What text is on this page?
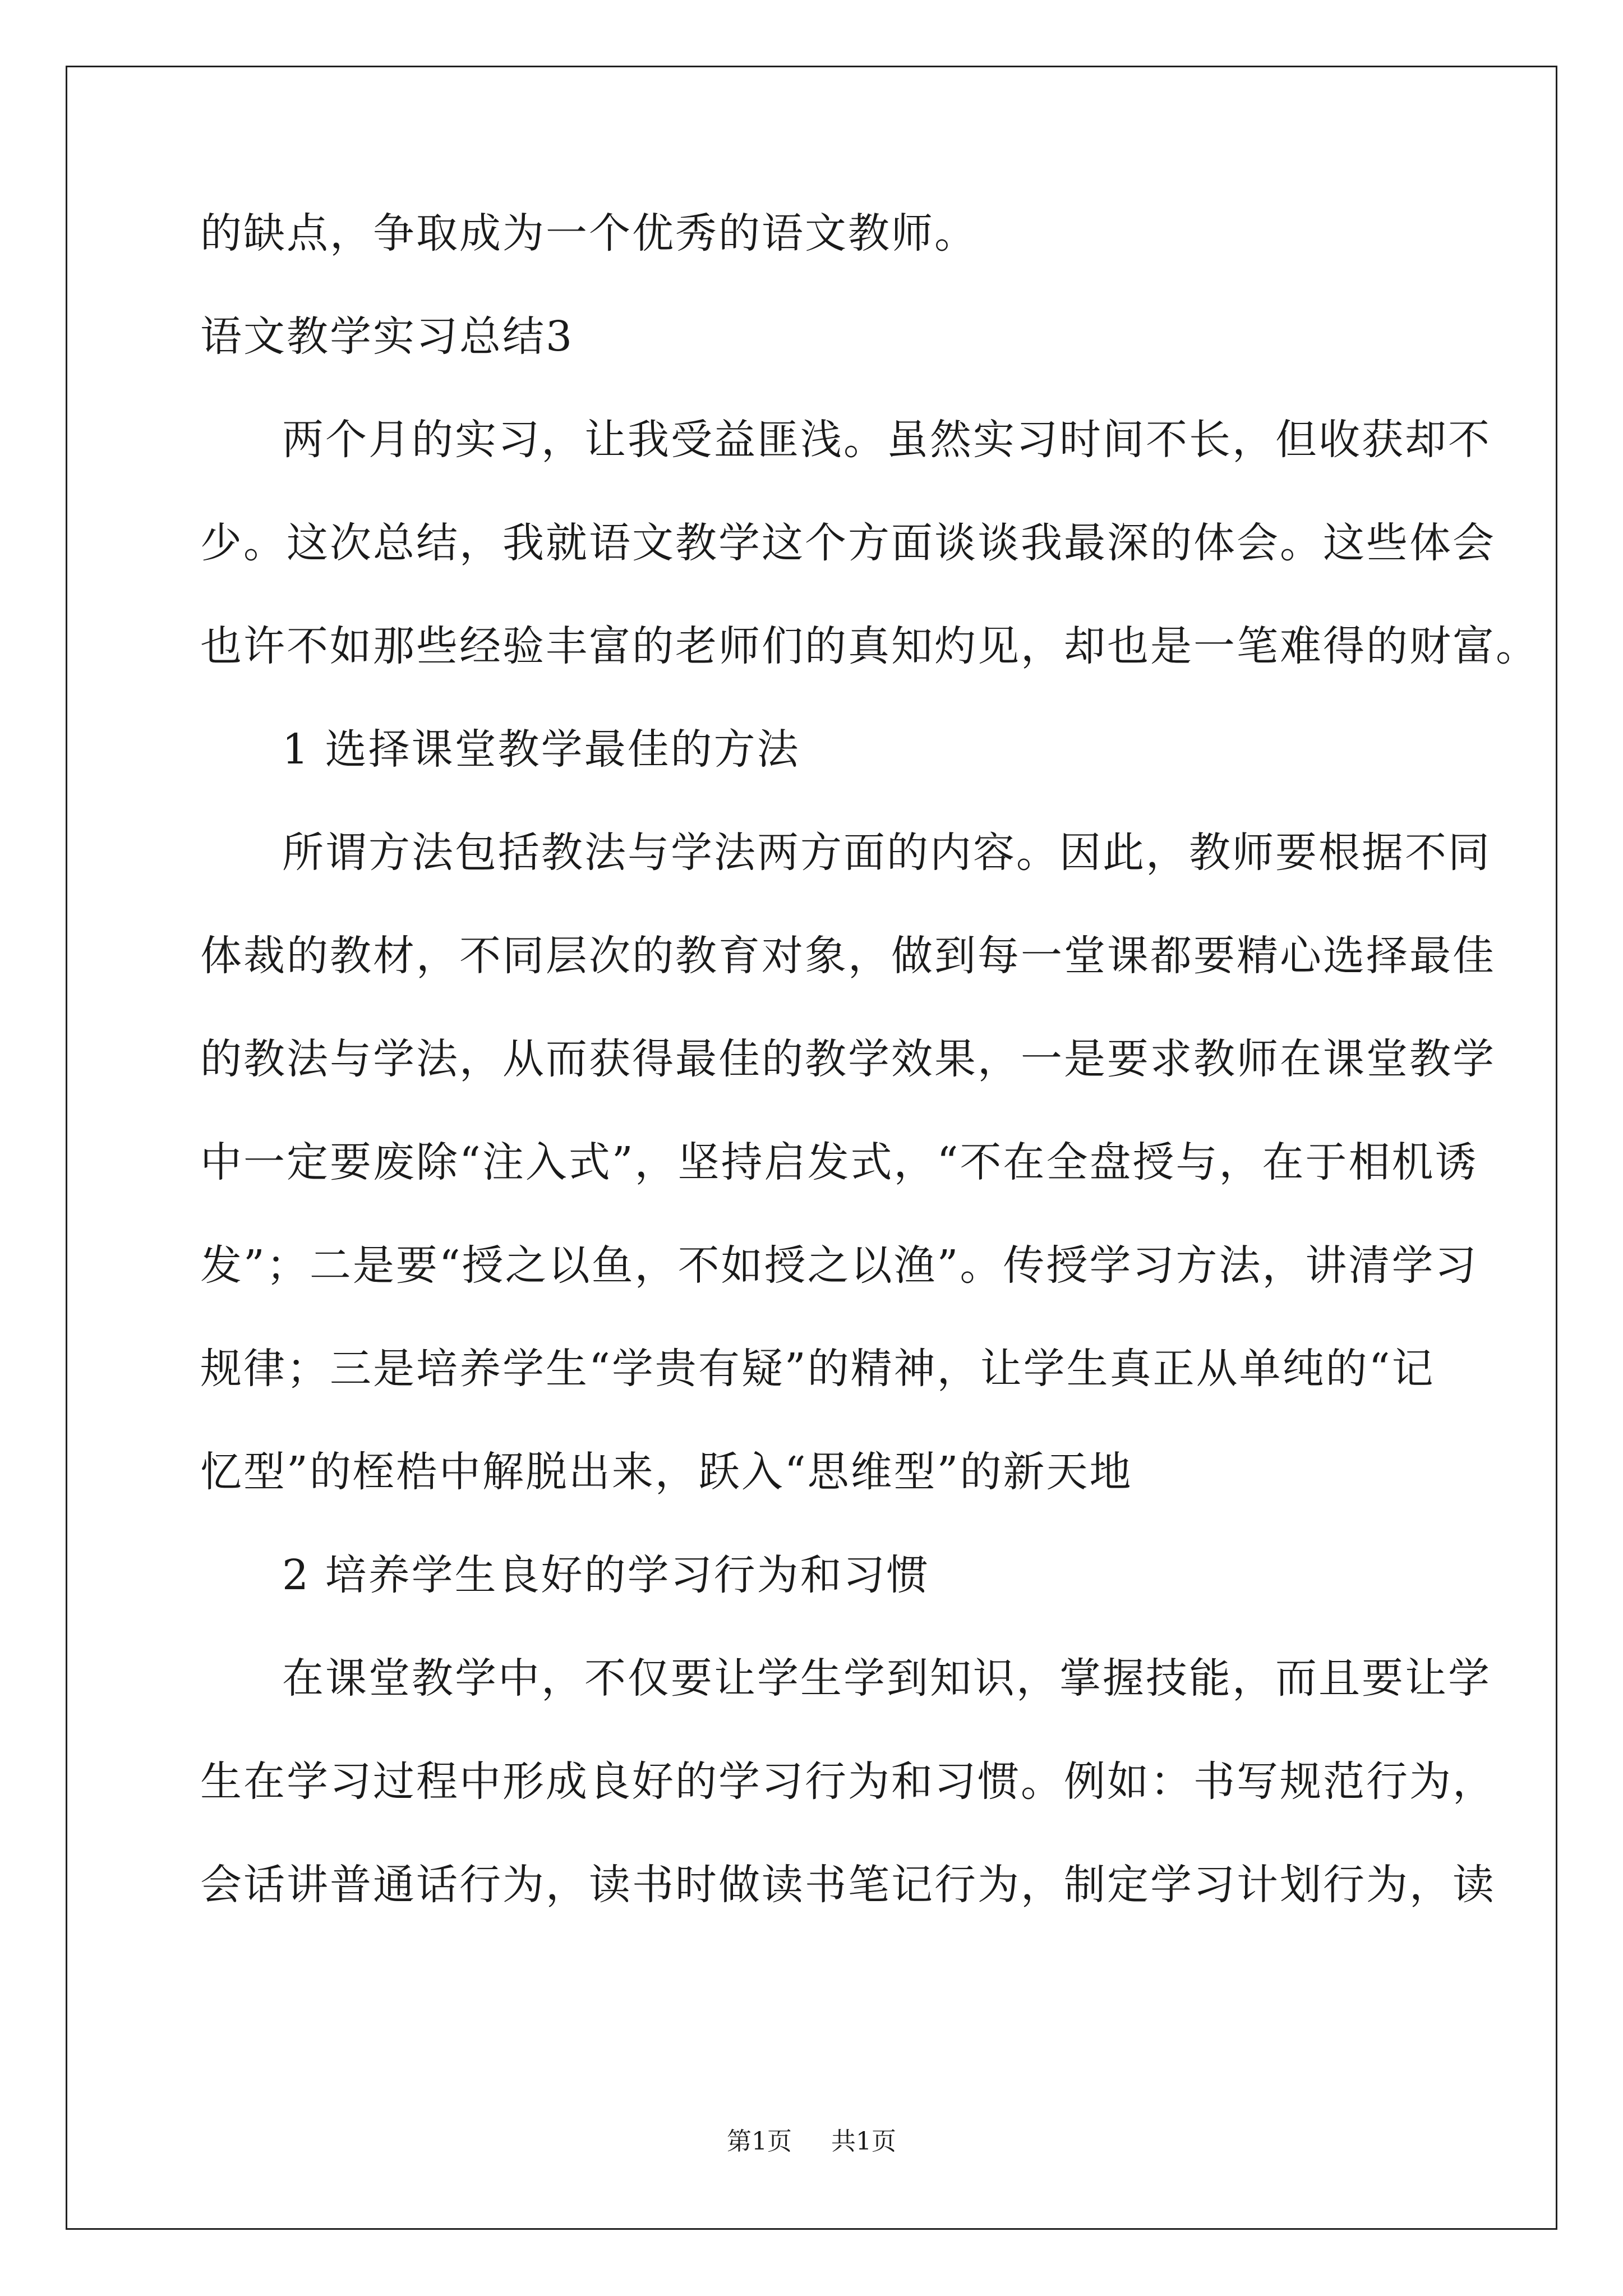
的缺点，争取成为一个优秀的语文教师。
语文教学实习总结3
两个月的实习，让我受益匪浅。虽然实习时间不长，但收获却不
少。这次总结，我就语文教学这个方面谈谈我最深的体会。这些体会
也许不如那些经验丰富的老师们的真知灼见，却也是一笔难得的财富。
1 选择课堂教学最佳的方法
所谓方法包括教法与学法两方面的内容。因此，教师要根据不同
体裁的教材，不同层次的教育对象，做到每一堂课都要精心选择最佳
的教法与学法，从而获得最佳的教学效果，一是要求教师在课堂教学
中一定要废除“注入式”，坚持启发式，“不在全盘授与，在于相机诱
发”；二是要“授之以鱼，不如授之以渔”。传授学习方法，讲清学习
规律；三是培养学生“学贵有疑”的精神，让学生真正从单纯的“记
忆型”的桎梏中解脱出来，跃入“思维型”的新天地
2 培养学生良好的学习行为和习惯
在课堂教学中，不仅要让学生学到知识，掌握技能，而且要让学
生在学习过程中形成良好的学习行为和习惯。例如：书写规范行为，
会话讲普通话行为，读书时做读书笔记行为，制定学习计划行为，读
第1页 共1页
